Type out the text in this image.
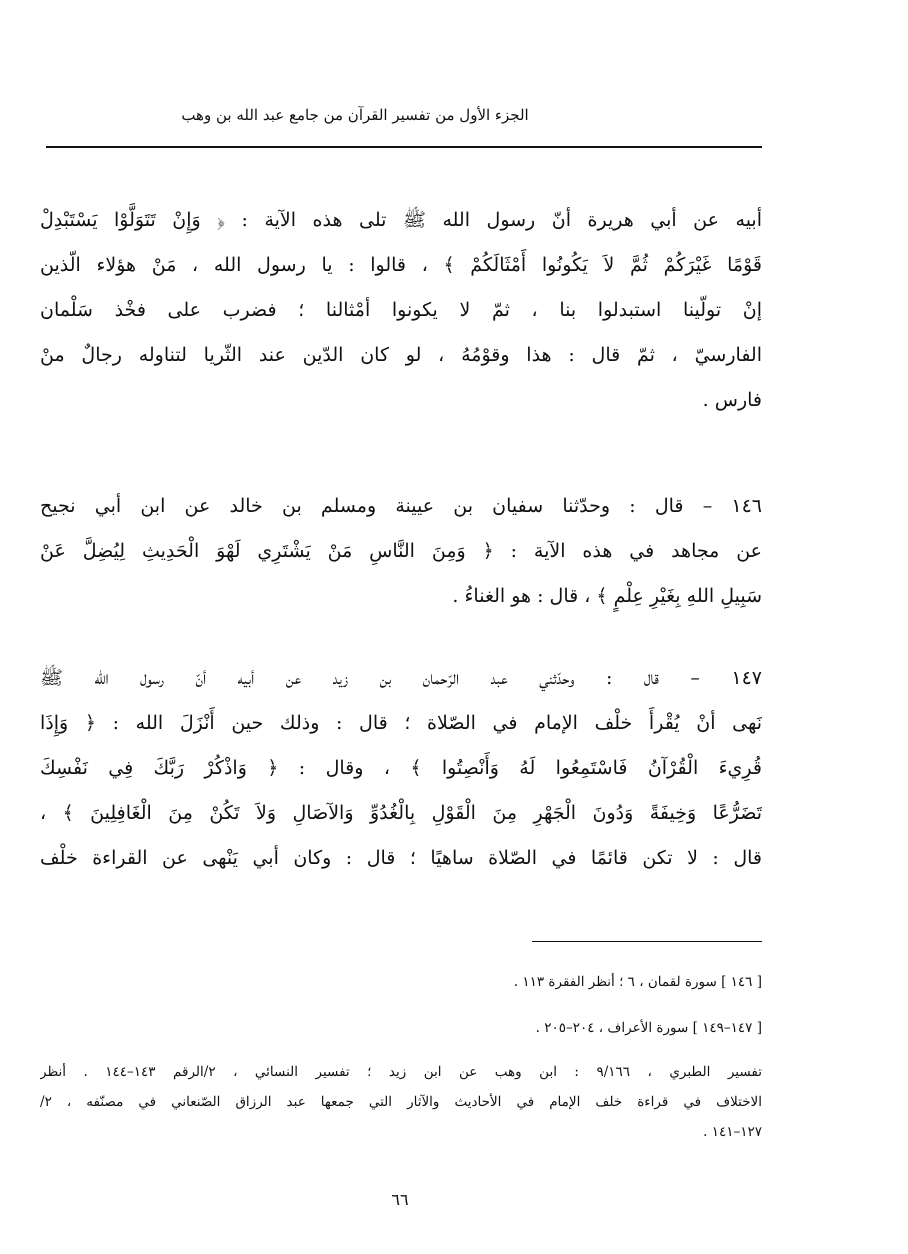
الجزء الأول من تفسير القرآن من جامع عبد الله بن وهب
أبيه عن أبي هريرة أنّ رسول الله ﷺ تلى هذه الآية : ﴿ وَإِنْ تَتَوَلَّوْا يَسْتَبْدِلْ
قَوْمًا غَيْرَكُمْ ثُمَّ لاَ يَكُونُوا أَمْثَالَكُمْ ﴾ ، قالوا : يا رسول الله ، مَنْ هؤلاء الّذين
إنْ تولّينا استبدلوا بنا ، ثمّ لا يكونوا أمْثالنا ؛ فضرب على فخْذ سَلْمان
الفارسيّ ، ثمّ قال : هذا وقوْمُهُ ، لو كان الدّين عند الثّريا لتناوله رجالٌ منْ
فارس .
١٤٦ – قال : وحدّثنا سفيان بن عيينة ومسلم بن خالد عن ابن أبي نجيح
عن مجاهد في هذه الآية : ﴿ وَمِنَ النَّاسِ مَنْ يَشْتَرِي لَهْوَ الْحَدِيثِ لِيُضِلَّ عَنْ
سَبِيلِ اللهِ بِغَيْرِ عِلْمٍ ﴾ ، قال : هو الغناءُ .
١٤٧ – قال : وحدّثني عبد الرّحمان بن زيد عن أبيه أنّ رسول الله ﷺ
نَهى أنْ يُقْرأَ خلْف الإمام في الصّلاة ؛ قال : وذلك حين أَنْزَلَ الله : ﴿ وَإِذَا
قُرِيءَ الْقُرْآنُ فَاسْتَمِعُوا لَهُ وَأَنْصِتُوا ﴾ ، وقال : ﴿ وَاذْكُرْ رَبَّكَ فِي نَفْسِكَ
تَضَرُّعًا وَخِيفَةً وَدُونَ الْجَهْرِ مِنَ الْقَوْلِ بِالْغُدُوِّ وَالآصَالِ وَلاَ تَكُنْ مِنَ الْغَافِلِينَ ﴾ ،
قال : لا تكن قائمًا في الصّلاة ساهيًا ؛ قال : وكان أبي يَنْهى عن القراءة خلْف
[ ١٤٦ ] سورة لقمان ، ٦ ؛ أنظر الفقرة ١١٣ .
[ ١٤٧–١٤٩ ] سورة الأعراف ، ٢٠٤–٢٠٥ .
تفسير الطبري ، ٩/١٦٦ : ابن وهب عن ابن زيد ؛ تفسير النسائي ، ٢/الرقم ١٤٣–١٤٤ . أنظر
الاختلاف في قراءة خلف الإمام في الأحاديث والآثار التي جمعها عبد الرزاق الصّنعاني في مصنّفه ، ٢/
١٢٧–١٤١ .
٦٦
